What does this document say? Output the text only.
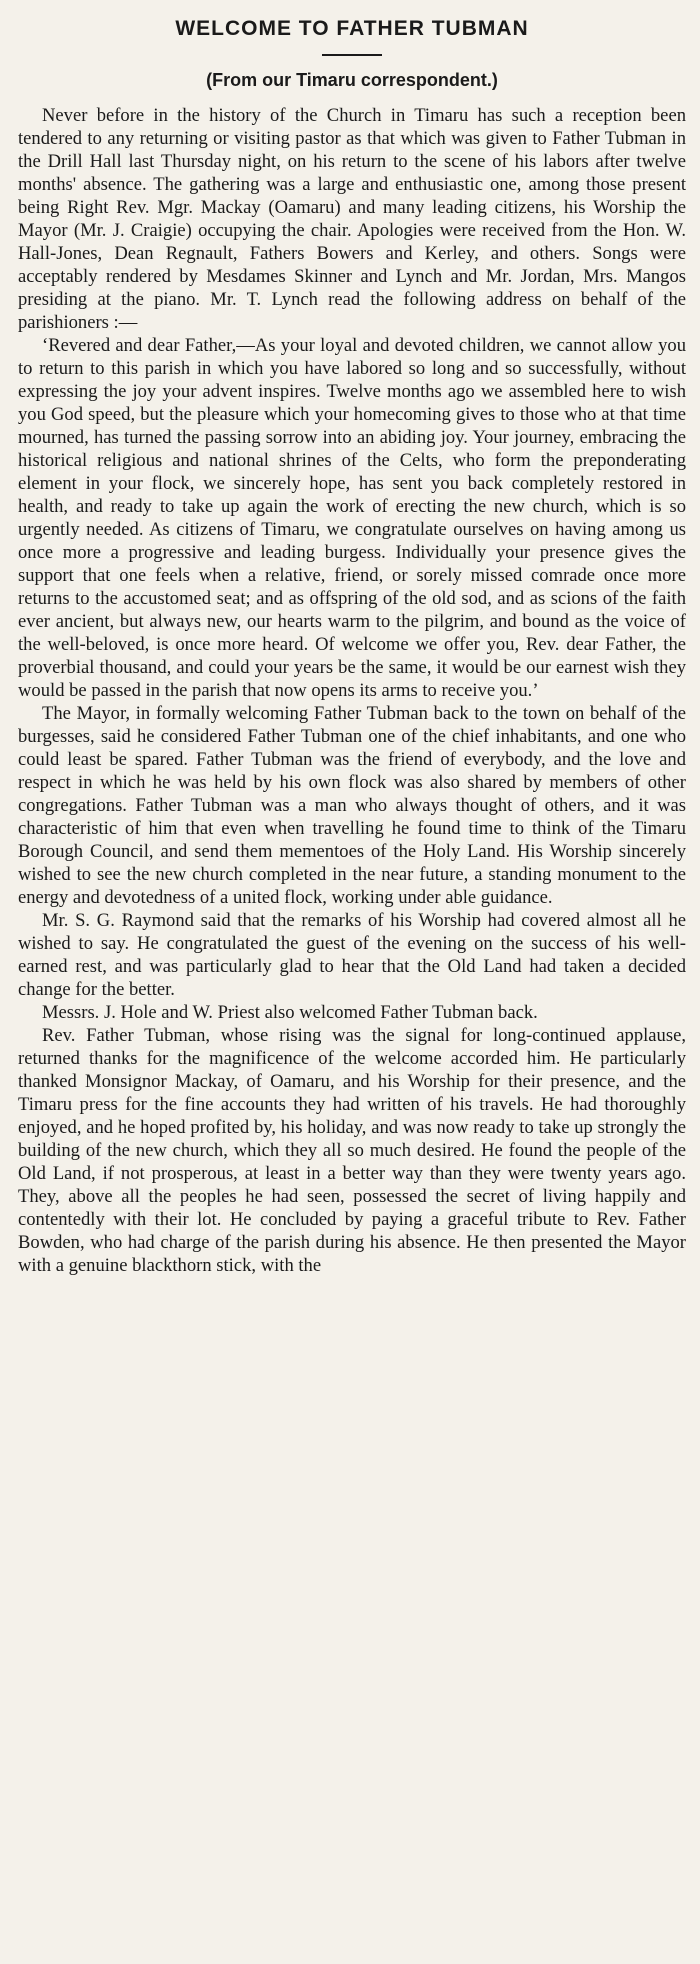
WELCOME TO FATHER TUBMAN
(From our Timaru correspondent.)

Never before in the history of the Church in Timaru has such a reception been tendered to any returning or visiting pastor as that which was given to Father Tubman in the Drill Hall last Thursday night, on his return to the scene of his labors after twelve months' absence. The gathering was a large and enthusiastic one, among those present being Right Rev. Mgr. Mackay (Oamaru) and many leading citizens, his Worship the Mayor (Mr. J. Craigie) occupying the chair. Apologies were received from the Hon. W. Hall-Jones, Dean Regnault, Fathers Bowers and Kerley, and others. Songs were acceptably rendered by Mesdames Skinner and Lynch and Mr. Jordan, Mrs. Mangos presiding at the piano. Mr. T. Lynch read the following address on behalf of the parishioners :—

‘Revered and dear Father,—As your loyal and devoted children, we cannot allow you to return to this parish in which you have labored so long and so successfully, without expressing the joy your advent inspires. Twelve months ago we assembled here to wish you God speed, but the pleasure which your homecoming gives to those who at that time mourned, has turned the passing sorrow into an abiding joy. Your journey, embracing the historical religious and national shrines of the Celts, who form the preponderating element in your flock, we sincerely hope, has sent you back completely restored in health, and ready to take up again the work of erecting the new church, which is so urgently needed. As citizens of Timaru, we congratulate ourselves on having among us once more a progressive and leading burgess. Individually your presence gives the support that one feels when a relative, friend, or sorely missed comrade once more returns to the accustomed seat; and as offspring of the old sod, and as scions of the faith ever ancient, but always new, our hearts warm to the pilgrim, and bound as the voice of the well-beloved, is once more heard. Of welcome we offer you, Rev. dear Father, the proverbial thousand, and could your years be the same, it would be our earnest wish they would be passed in the parish that now opens its arms to receive you.’

The Mayor, in formally welcoming Father Tubman back to the town on behalf of the burgesses, said he considered Father Tubman one of the chief inhabitants, and one who could least be spared. Father Tubman was the friend of everybody, and the love and respect in which he was held by his own flock was also shared by members of other congregations. Father Tubman was a man who always thought of others, and it was characteristic of him that even when travelling he found time to think of the Timaru Borough Council, and send them mementoes of the Holy Land. His Worship sincerely wished to see the new church completed in the near future, a standing monument to the energy and devotedness of a united flock, working under able guidance.

Mr. S. G. Raymond said that the remarks of his Worship had covered almost all he wished to say. He congratulated the guest of the evening on the success of his well-earned rest, and was particularly glad to hear that the Old Land had taken a decided change for the better.

Messrs. J. Hole and W. Priest also welcomed Father Tubman back.

Rev. Father Tubman, whose rising was the signal for long-continued applause, returned thanks for the magnificence of the welcome accorded him. He particularly thanked Monsignor Mackay, of Oamaru, and his Worship for their presence, and the Timaru press for the fine accounts they had written of his travels. He had thoroughly enjoyed, and he hoped profited by, his holiday, and was now ready to take up strongly the building of the new church, which they all so much desired. He found the people of the Old Land, if not prosperous, at least in a better way than they were twenty years ago. They, above all the peoples he had seen, possessed the secret of living happily and contentedly with their lot. He concluded by paying a graceful tribute to Rev. Father Bowden, who had charge of the parish during his absence. He then presented the Mayor with a genuine blackthorn stick, with the
